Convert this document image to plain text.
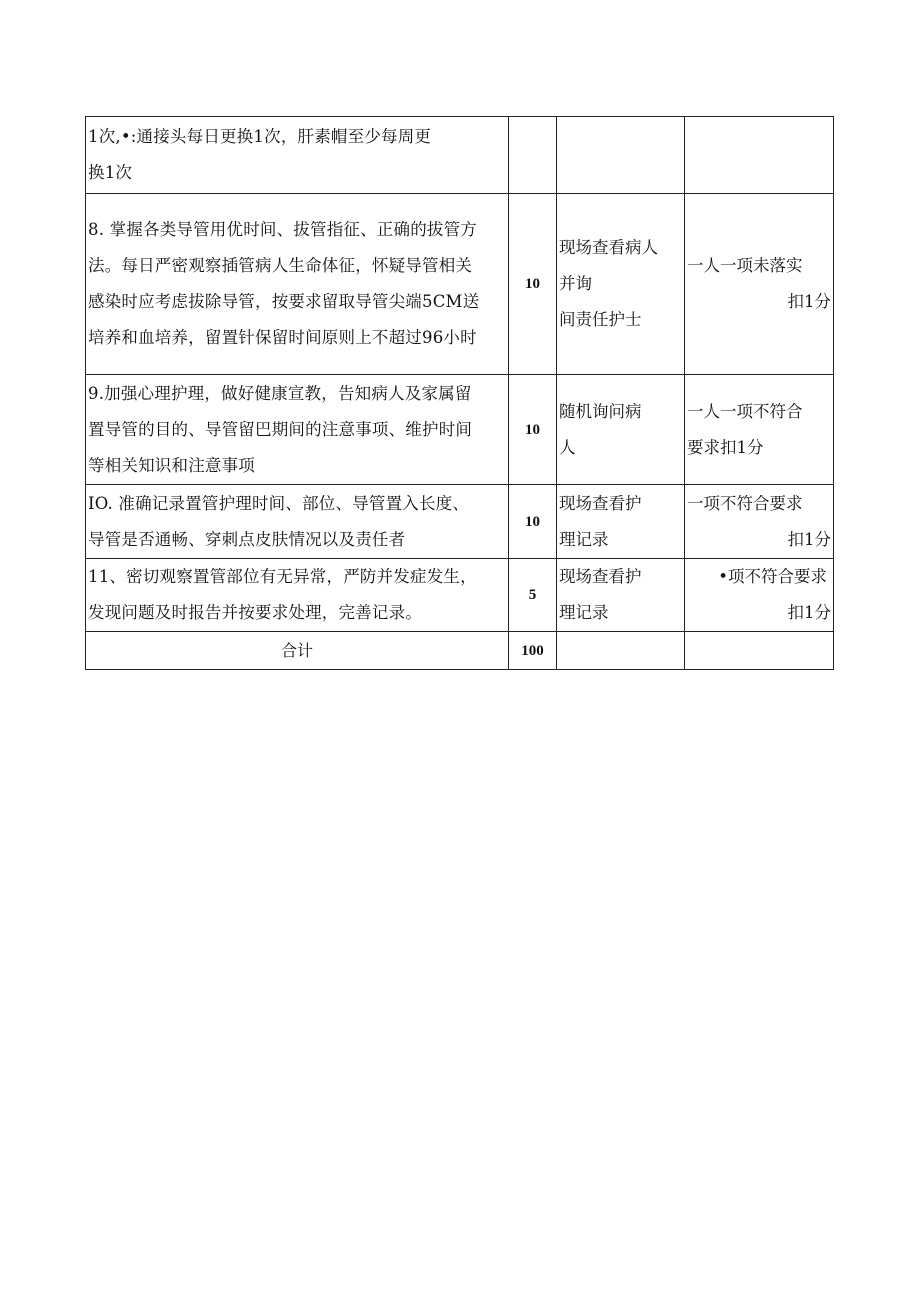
1次,•:通接头每日更换1次，肝素帽至少每周更
换1次			

8. 掌握各类导管用优时间、拔管指征、正确的拔管方
法。每日严密观察插管病人生命体征，怀疑导管相关
感染时应考虑拔除导管，按要求留取导管尖端5CM送
培养和血培养，留置针保留时间原则上不超过96小时	10	现场查看病人
并询
间责任护士	一人一项未落实
扣1分

9.加强心理护理，做好健康宣教，告知病人及家属留
置导管的目的、导管留巴期间的注意事项、维护时间
等相关知识和注意事项	10	随机询问病
人	一人一项不符合
要求扣1分

IO. 准确记录置管护理时间、部位、导管置入长度、
导管是否通畅、穿刺点皮肤情况以及责任者	10	现场查看护
理记录	一项不符合要求
扣1分

11、密切观察置管部位有无异常，严防并发症发生，
发现问题及时报告并按要求处理，完善记录。	5	现场查看护
理记录	•项不符合要求
扣1分

合计	100		
